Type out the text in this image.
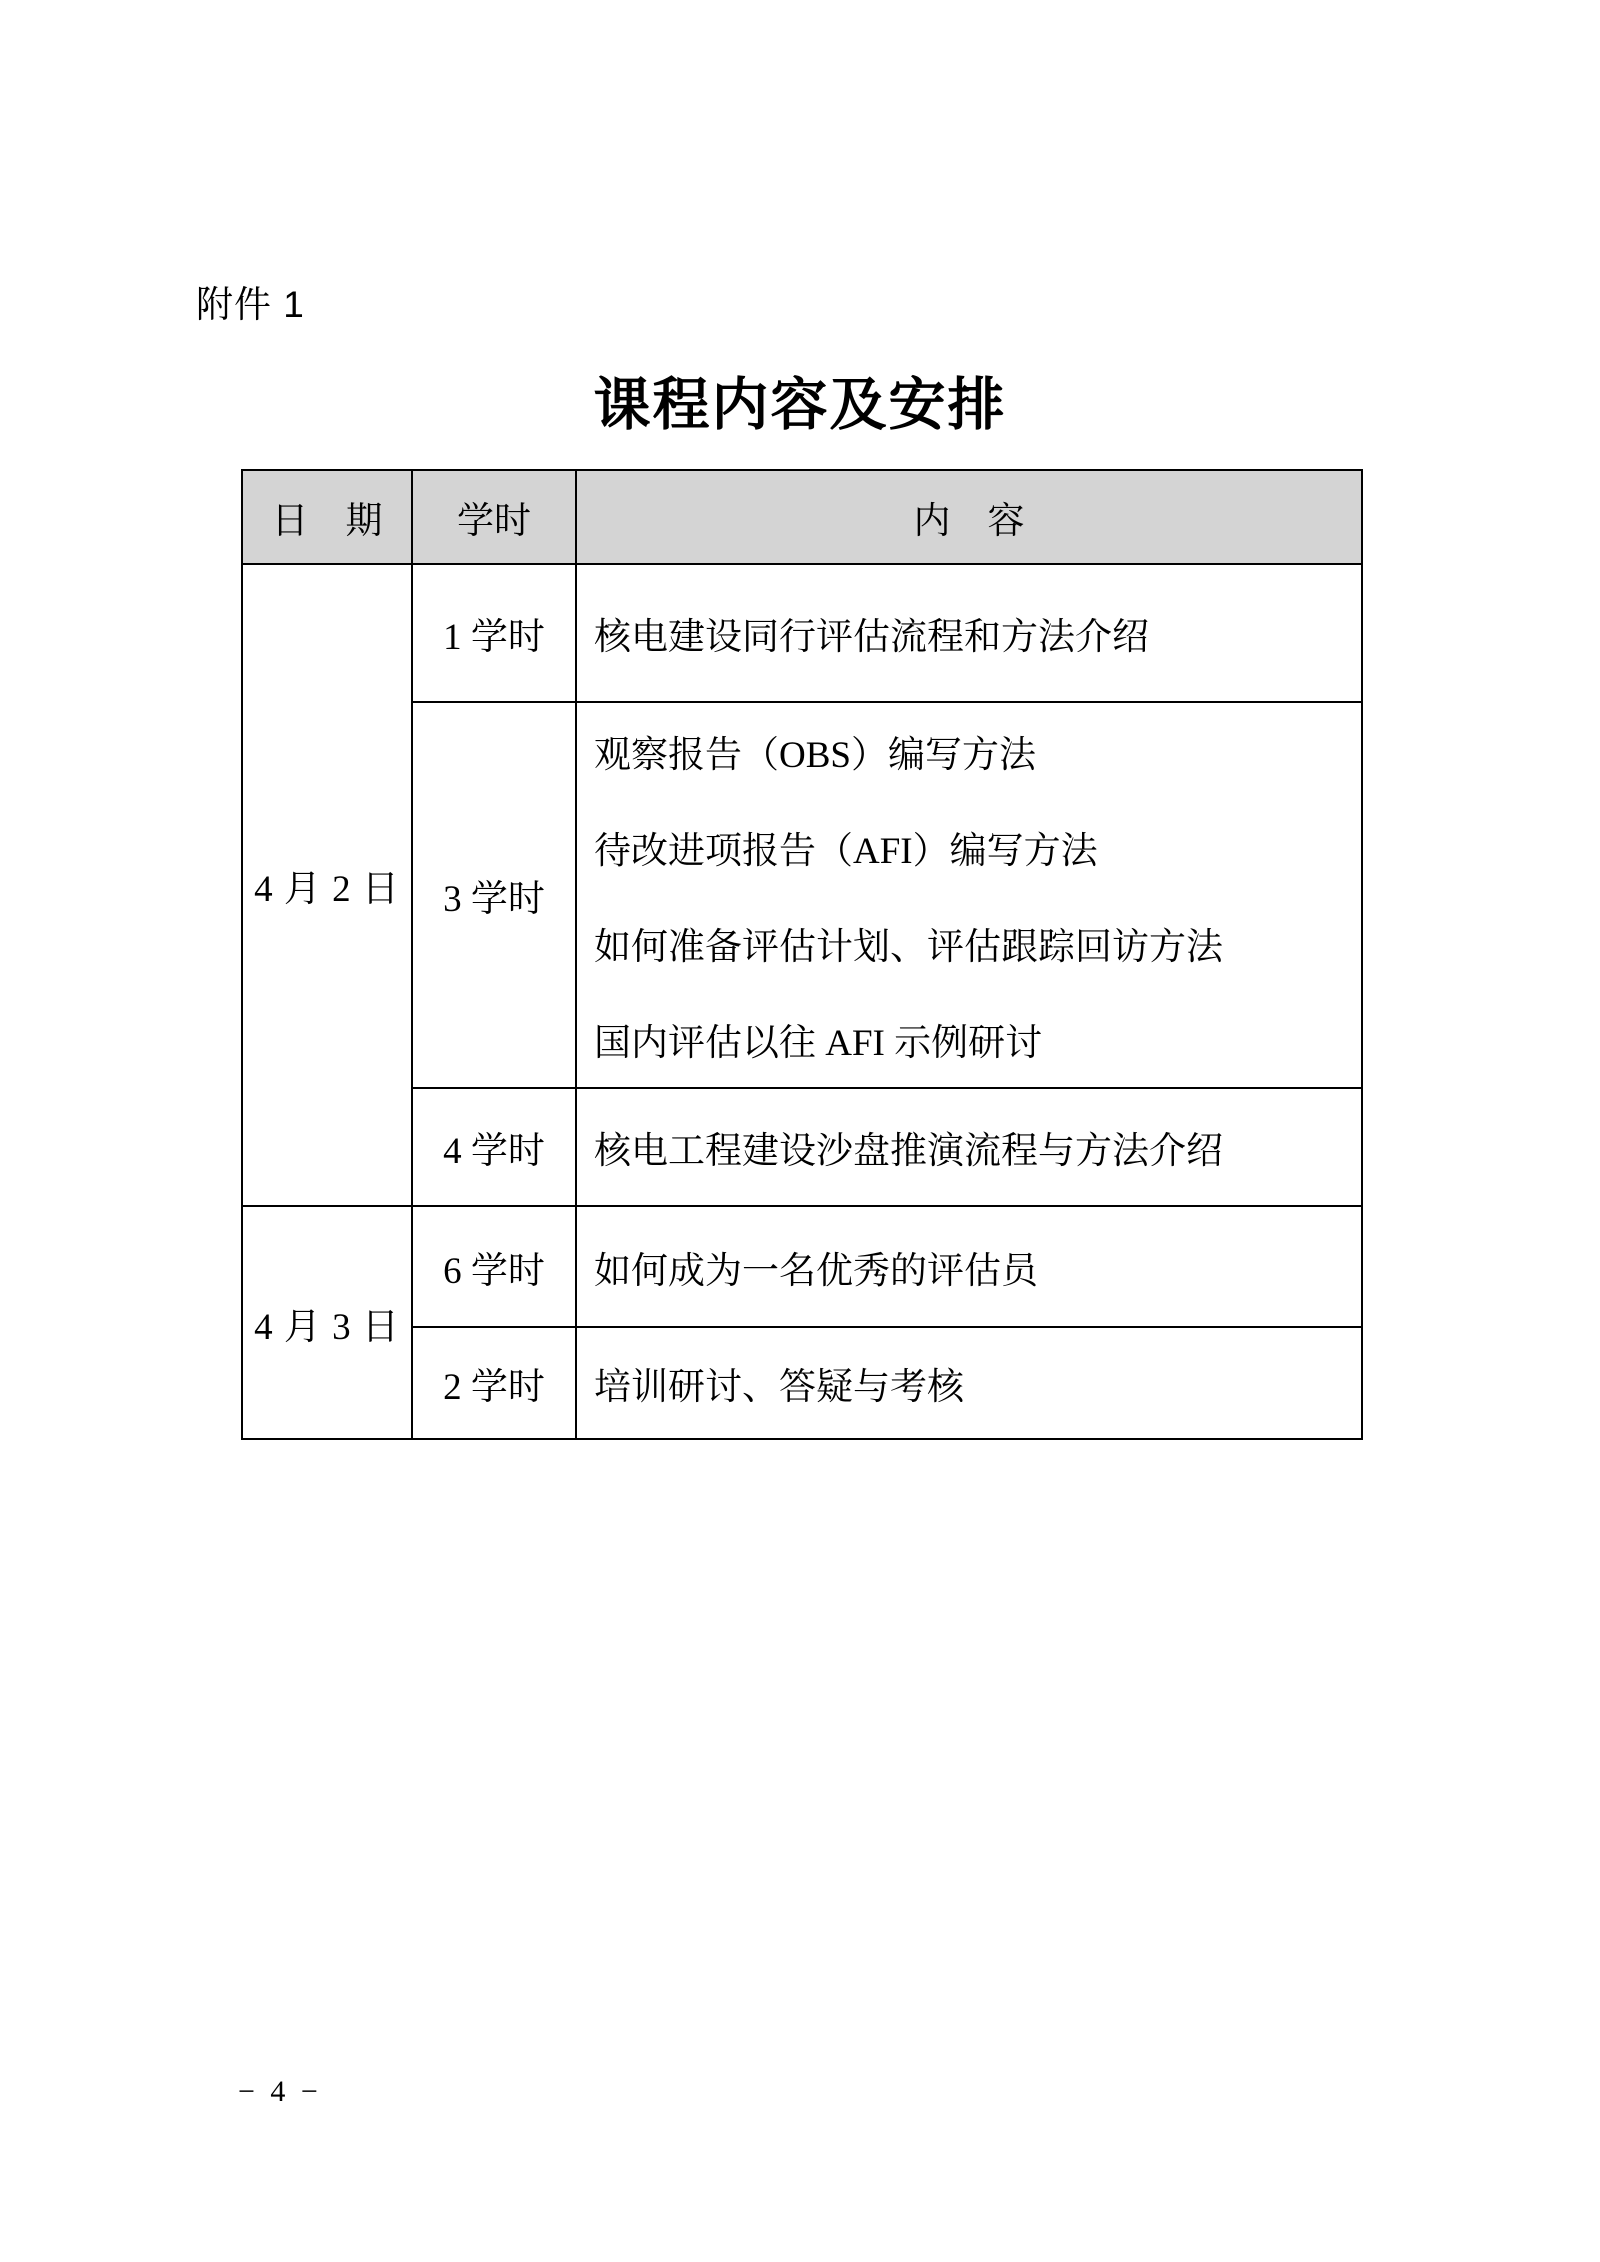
附件 1
课程内容及安排
日　期	学时	内　容
4 月 2 日	1 学时	核电建设同行评估流程和方法介绍

	3 学时	观察报告（OBS）编写方法
待改进项报告（AFI）编写方法
如何准备评估计划、评估跟踪回访方法
国内评估以往 AFI 示例研讨

	4 学时	核电工程建设沙盘推演流程与方法介绍

4 月 3 日	6 学时	如何成为一名优秀的评估员

	2 学时	培训研讨、答疑与考核
− 4 −
